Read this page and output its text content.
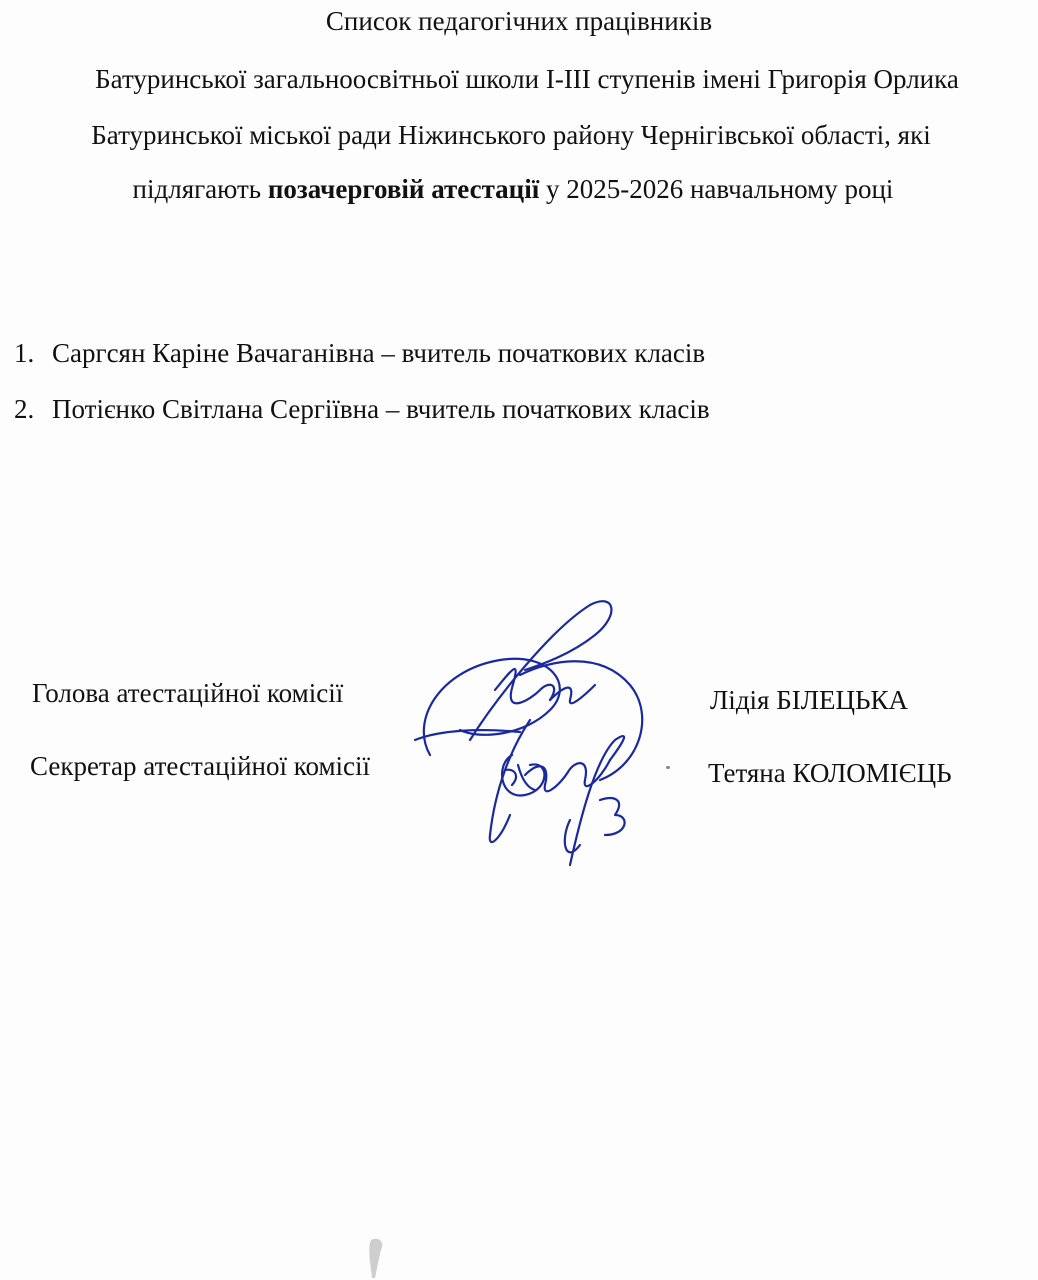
Список педагогічних працівників
Батуринської загальноосвітньої школи І-ІІІ ступенів імені Григорія Орлика
Батуринської міської ради Ніжинського району Чернігівської області, які
підлягають позачерговій атестації у 2025-2026 навчальному році
1. Саргсян Каріне Вачаганівна – вчитель початкових класів
2. Потієнко Світлана Сергіївна – вчитель початкових класів
Голова атестаційної комісії	Лідія БІЛЕЦЬКА
Секретар атестаційної комісії	Тетяна КОЛОМІЄЦЬ
